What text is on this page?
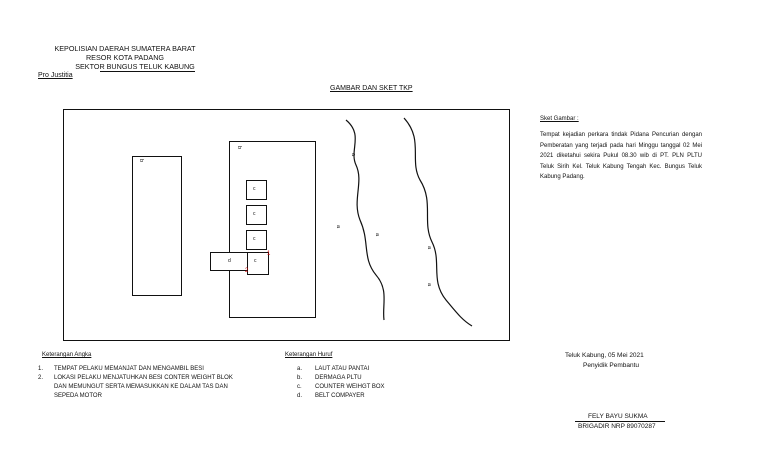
KEPOLISIAN DAERAH SUMATERA BARAT
RESOR KOTA PADANG
SEKTOR BUNGUS TELUK KABUNG
Pro Justitia
GAMBAR DAN SKET TKP
b
b
c
c
c
d	c
1
2
a
a
a
a
a
Sket Gambar :
Tempat kejadian perkara tindak Pidana Pencurian dengan Pemberatan yang terjadi pada hari Minggu tanggal 02 Mei 2021 diketahui sekira Pukul 08.30 wib di PT. PLN PLTU Teluk Sirih Kel. Teluk Kabung Tengah Kec. Bungus Teluk Kabung Padang.
Keterangan Angka
1. TEMPAT PELAKU MEMANJAT DAN MENGAMBIL BESI
2. LOKASI PELAKU MENJATUHKAN BESI CONTER WEIGHT BLOK
DAN MEMUNGUT SERTA MEMASUKKAN KE DALAM TAS DAN
SEPEDA MOTOR
Keterangan Huruf
a. LAUT ATAU PANTAI
b. DERMAGA PLTU
c. COUNTER WEIHGT BOX
d. BELT COMPAYER
Teluk Kabung, 05 Mei 2021
Penyidik Pembantu
FELY BAYU SUKMA
BRIGADIR NRP 89070287
